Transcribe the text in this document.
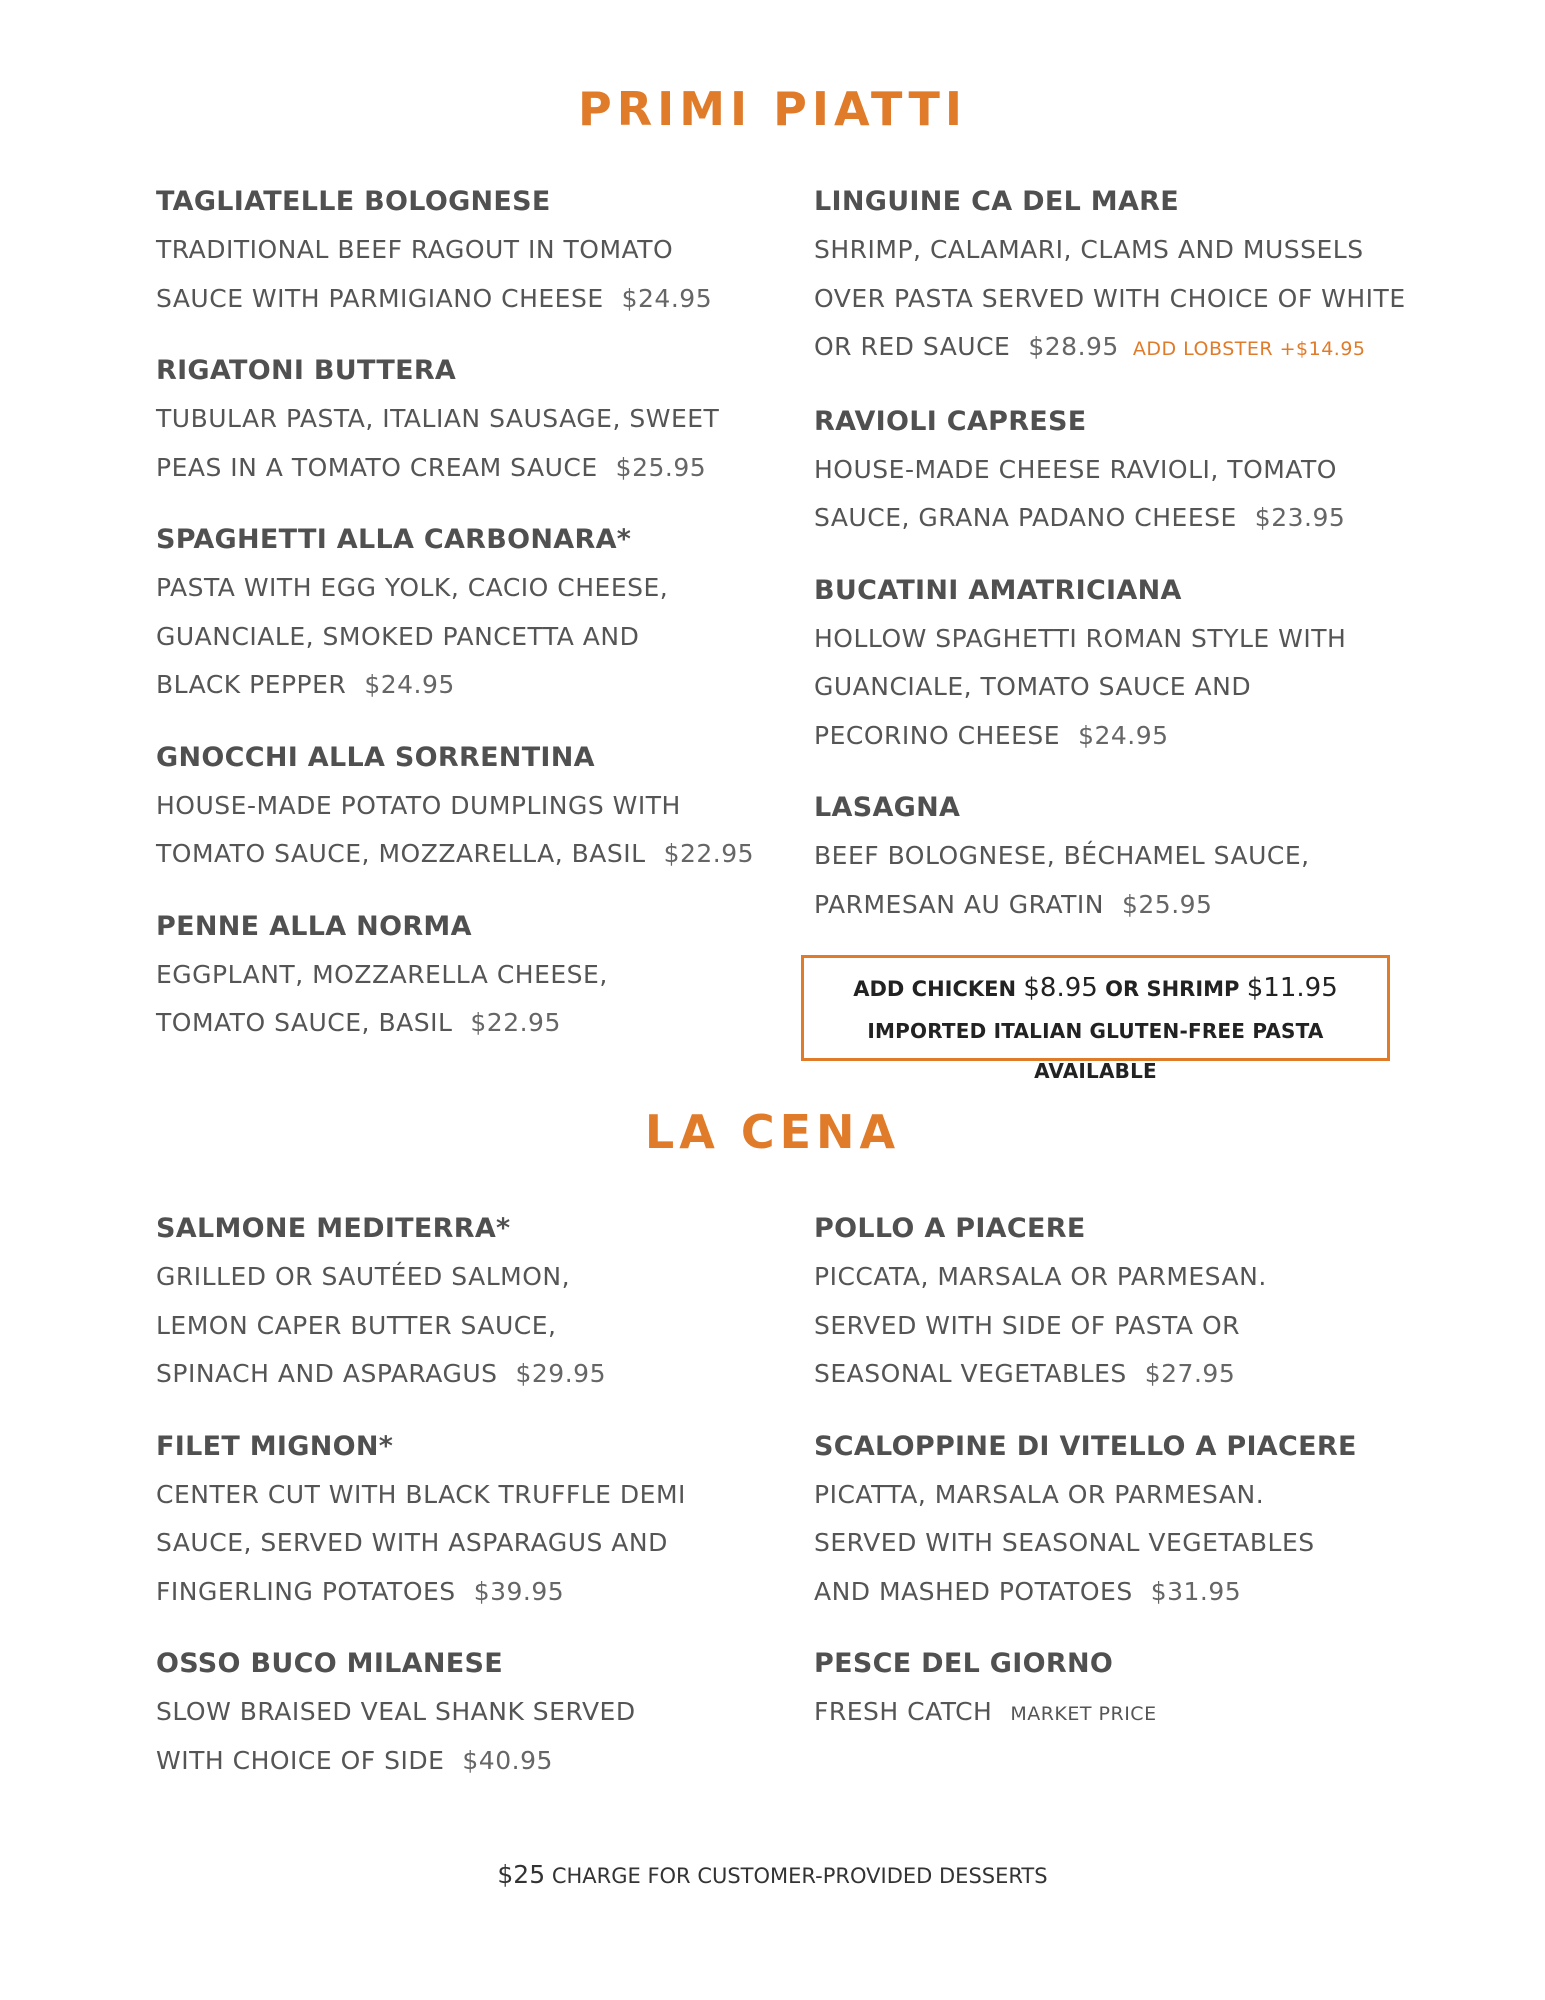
PRIMI PIATTI
TAGLIATELLE BOLOGNESE
TRADITIONAL BEEF RAGOUT IN TOMATO
SAUCE WITH PARMIGIANO CHEESE $24.95
RIGATONI BUTTERA
TUBULAR PASTA, ITALIAN SAUSAGE, SWEET
PEAS IN A TOMATO CREAM SAUCE $25.95
SPAGHETTI ALLA CARBONARA*
PASTA WITH EGG YOLK, CACIO CHEESE,
GUANCIALE, SMOKED PANCETTA AND
BLACK PEPPER $24.95
GNOCCHI ALLA SORRENTINA
HOUSE-MADE POTATO DUMPLINGS WITH
TOMATO SAUCE, MOZZARELLA, BASIL $22.95
PENNE ALLA NORMA
EGGPLANT, MOZZARELLA CHEESE,
TOMATO SAUCE, BASIL $22.95
LINGUINE CA DEL MARE
SHRIMP, CALAMARI, CLAMS AND MUSSELS
OVER PASTA SERVED WITH CHOICE OF WHITE
OR RED SAUCE $28.95 ADD LOBSTER +$14.95
RAVIOLI CAPRESE
HOUSE-MADE CHEESE RAVIOLI, TOMATO
SAUCE, GRANA PADANO CHEESE $23.95
BUCATINI AMATRICIANA
HOLLOW SPAGHETTI ROMAN STYLE WITH
GUANCIALE, TOMATO SAUCE AND
PECORINO CHEESE $24.95
LASAGNA
BEEF BOLOGNESE, BÉCHAMEL SAUCE,
PARMESAN AU GRATIN $25.95
ADD CHICKEN $8.95 OR SHRIMP $11.95
IMPORTED ITALIAN GLUTEN-FREE PASTA AVAILABLE
LA CENA
SALMONE MEDITERRA*
GRILLED OR SAUTÉED SALMON,
LEMON CAPER BUTTER SAUCE,
SPINACH AND ASPARAGUS $29.95
FILET MIGNON*
CENTER CUT WITH BLACK TRUFFLE DEMI
SAUCE, SERVED WITH ASPARAGUS AND
FINGERLING POTATOES $39.95
OSSO BUCO MILANESE
SLOW BRAISED VEAL SHANK SERVED
WITH CHOICE OF SIDE $40.95
POLLO A PIACERE
PICCATA, MARSALA OR PARMESAN.
SERVED WITH SIDE OF PASTA OR
SEASONAL VEGETABLES $27.95
SCALOPPINE DI VITELLO A PIACERE
PICATTA, MARSALA OR PARMESAN.
SERVED WITH SEASONAL VEGETABLES
AND MASHED POTATOES $31.95
PESCE DEL GIORNO
FRESH CATCH MARKET PRICE
$25 CHARGE FOR CUSTOMER-PROVIDED DESSERTS
